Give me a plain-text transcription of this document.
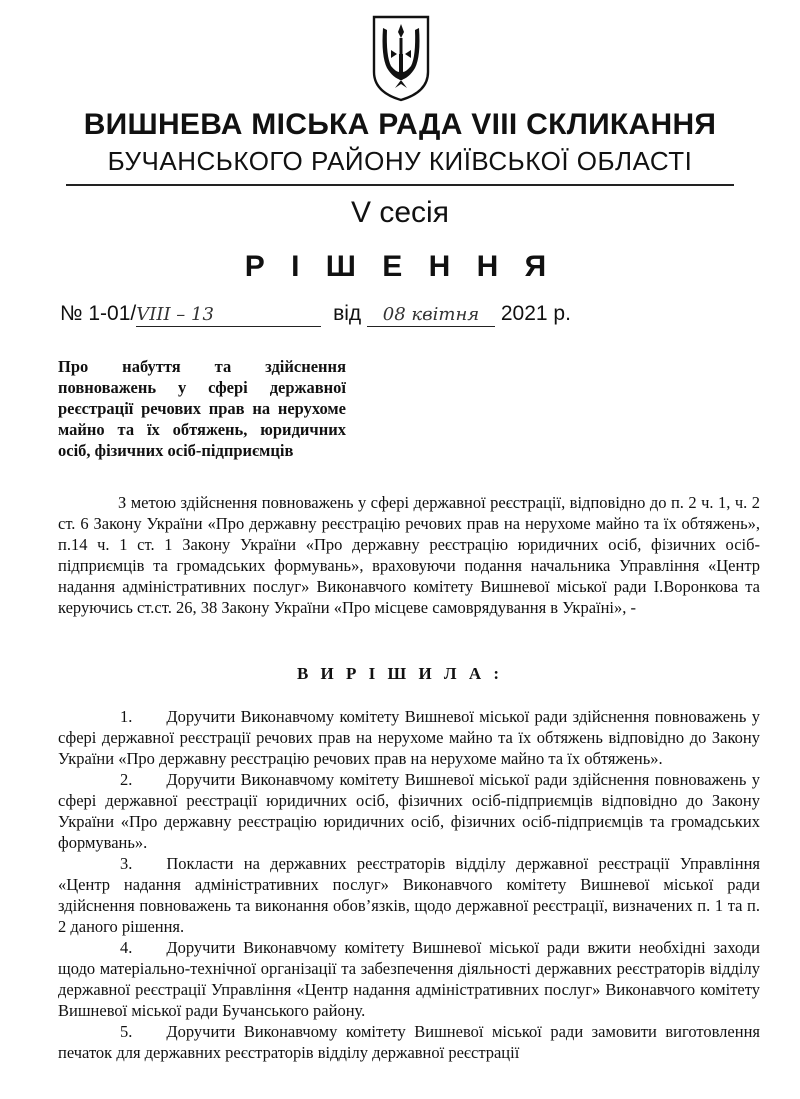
ВИШНЕВА МІСЬКА РАДА VIII СКЛИКАННЯ
БУЧАНСЬКОГО РАЙОНУ КИЇВСЬКОЇ ОБЛАСТІ
V сесія
Р І Ш Е Н Н Я
№ 1-01/VIII – 13	від 08 квітня 2021 р.
Про набуття та здійснення повноважень у сфері державної реєстрації речових прав на нерухоме майно та їх обтяжень, юридичних осіб, фізичних осіб-підприємців
З метою здійснення повноважень у сфері державної реєстрації, відповідно до п. 2 ч. 1, ч. 2 ст. 6 Закону України «Про державну реєстрацію речових прав на нерухоме майно та їх обтяжень», п.14 ч. 1 ст. 1 Закону України «Про державну реєстрацію юридичних осіб, фізичних осіб-підприємців та громадських формувань», враховуючи подання начальника Управління «Центр надання адміністративних послуг» Виконавчого комітету Вишневої міської ради І.Воронкова та керуючись ст.ст. 26, 38 Закону України «Про місцеве самоврядування в Україні», -
В И Р І Ш И Л А :

1. Доручити Виконавчому комітету Вишневої міської ради здійснення повноважень у сфері державної реєстрації речових прав на нерухоме майно та їх обтяжень відповідно до Закону України «Про державну реєстрацію речових прав на нерухоме майно та їх обтяжень».

2. Доручити Виконавчому комітету Вишневої міської ради здійснення повноважень у сфері державної реєстрації юридичних осіб, фізичних осіб-підприємців відповідно до Закону України «Про державну реєстрацію юридичних осіб, фізичних осіб-підприємців та громадських формувань».

3. Покласти на державних реєстраторів відділу державної реєстрації Управління «Центр надання адміністративних послуг» Виконавчого комітету Вишневої міської ради здійснення повноважень та виконання обов’язків, щодо державної реєстрації, визначених п. 1 та п. 2 даного рішення.

4. Доручити Виконавчому комітету Вишневої міської ради вжити необхідні заходи щодо матеріально-технічної організації та забезпечення діяльності державних реєстраторів відділу державної реєстрації Управління «Центр надання адміністративних послуг» Виконавчого комітету Вишневої міської ради Бучанського району.

5. Доручити Виконавчому комітету Вишневої міської ради замовити виготовлення печаток для державних реєстраторів відділу державної реєстрації
